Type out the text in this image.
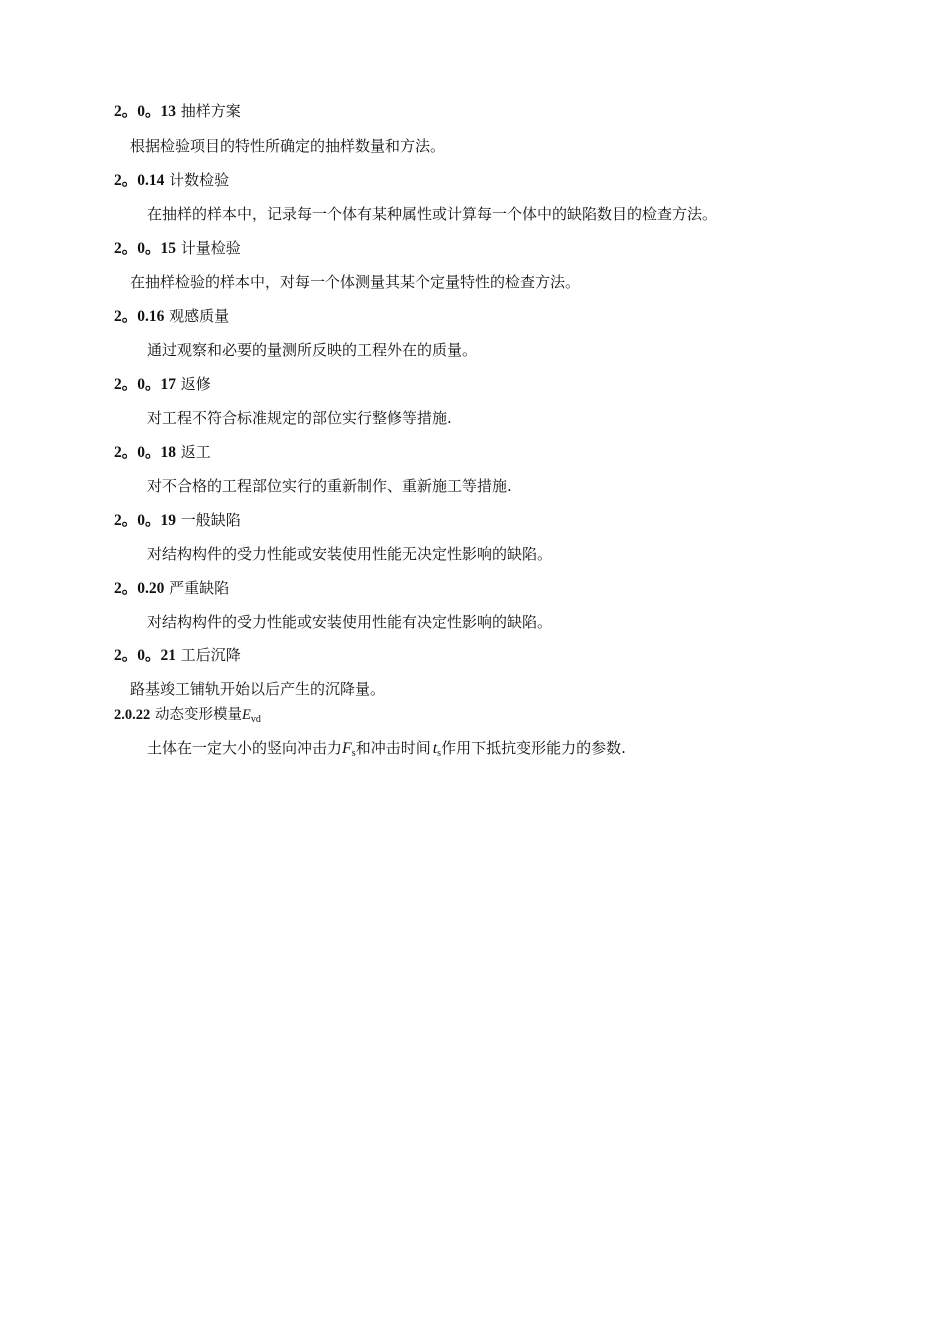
2。0。13 抽样方案
根据检验项目的特性所确定的抽样数量和方法。
2。0.14 计数检验
在抽样的样本中，记录每一个体有某种属性或计算每一个体中的缺陷数目的检查方法。
2。0。15 计量检验
在抽样检验的样本中，对每一个体测量其某个定量特性的检查方法。
2。0.16 观感质量
通过观察和必要的量测所反映的工程外在的质量。
2。0。17 返修
对工程不符合标准规定的部位实行整修等措施.
2。0。18 返工
对不合格的工程部位实行的重新制作、重新施工等措施.
2。0。19 一般缺陷
对结构构件的受力性能或安装使用性能无决定性影响的缺陷。
2。0.20 严重缺陷
对结构构件的受力性能或安装使用性能有决定性影响的缺陷。
2。0。21 工后沉降
路基竣工铺轨开始以后产生的沉降量。
2.0.22 动态变形模量$E_{vd}$
土体在一定大小的竖向冲击力$F_s$和冲击时间 $t_s$作用下抵抗变形能力的参数.
